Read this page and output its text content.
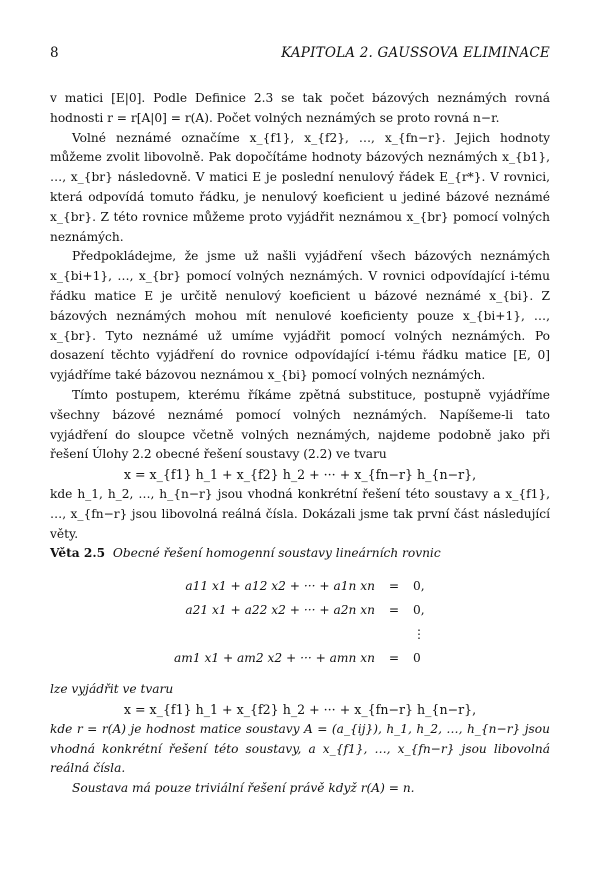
8	KAPITOLA 2. GAUSSOVA ELIMINACE

v matici [E|0]. Podle Definice 2.3 se tak počet bázových neznámých rovná hodnosti r = r[A|0] = r(A). Počet volných neznámých se proto rovná n−r.

Volné neznámé označíme x_{f1}, x_{f2}, …, x_{fn−r}. Jejich hodnoty můžeme zvolit libovolně. Pak dopočítáme hodnoty bázových neznámých x_{b1}, …, x_{br} následovně. V matici E je poslední nenulový řádek E_{r*}. V rovnici, která odpovídá tomuto řádku, je nenulový koeficient u jediné bázové neznámé x_{br}. Z této rovnice můžeme proto vyjádřit neznámou x_{br} pomocí volných neznámých.

Předpokládejme, že jsme už našli vyjádření všech bázových neznámých x_{bi+1}, …, x_{br} pomocí volných neznámých. V rovnici odpovídající i-tému řádku matice E je určitě nenulový koeficient u bázové neznámé x_{bi}. Z bázových neznámých mohou mít nenulové koeficienty pouze x_{bi+1}, …, x_{br}. Tyto neznámé už umíme vyjádřit pomocí volných neznámých. Po dosazení těchto vyjádření do rovnice odpovídající i-tému řádku matice [E, 0] vyjádříme také bázovou neznámou x_{bi} pomocí volných neznámých.

Tímto postupem, kterému říkáme zpětná substituce, postupně vyjádříme všechny bázové neznámé pomocí volných neznámých. Napíšeme-li tato vyjádření do sloupce včetně volných neznámých, najdeme podobně jako při řešení Úlohy 2.2 obecné řešení soustavy (2.2) ve tvaru

x = x_{f1} h_1 + x_{f2} h_2 + ··· + x_{fn−r} h_{n−r},

kde h_1, h_2, …, h_{n−r} jsou vhodná konkrétní řešení této soustavy a x_{f1}, …, x_{fn−r} jsou libovolná reálná čísla. Dokázali jsme tak první část následující věty.

Věta 2.5 Obecné řešení homogenní soustavy lineárních rovnic

a11 x1 + a12 x2 + ··· + a1n xn	=	0,
a21 x1 + a22 x2 + ··· + a2n xn	=	0,
		⋮
am1 x1 + am2 x2 + ··· + amn xn	=	0

lze vyjádřit ve tvaru

x = x_{f1} h_1 + x_{f2} h_2 + ··· + x_{fn−r} h_{n−r},

kde r = r(A) je hodnost matice soustavy A = (a_{ij}), h_1, h_2, …, h_{n−r} jsou vhodná konkrétní řešení této soustavy, a x_{f1}, …, x_{fn−r} jsou libovolná reálná čísla.

Soustava má pouze triviální řešení právě když r(A) = n.
